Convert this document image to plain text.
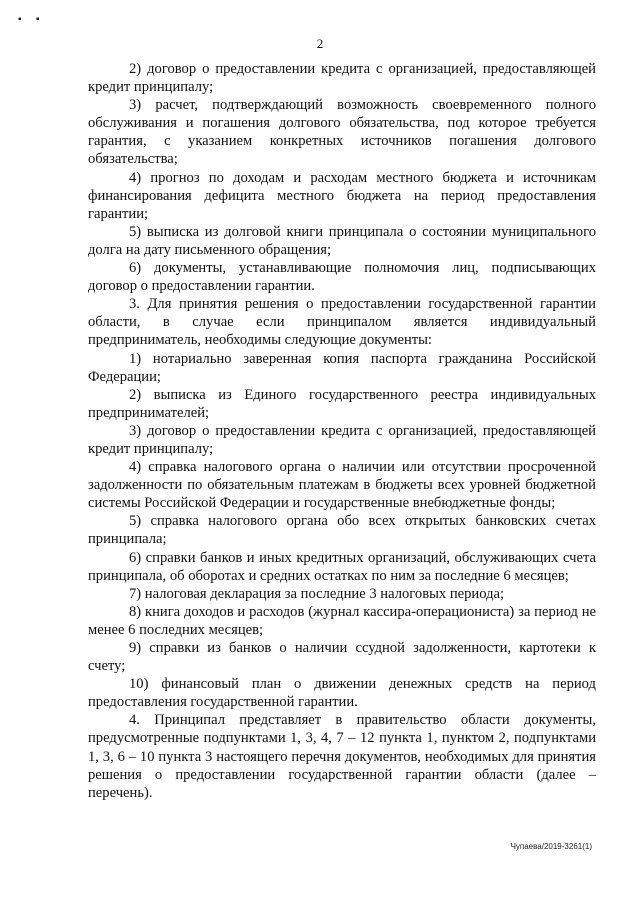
▪ ▪
2

2) договор о предоставлении кредита с организацией, предоставляющей кредит принципалу;

3) расчет, подтверждающий возможность своевременного полного обслуживания и погашения долгового обязательства, под которое требуется гарантия, с указанием конкретных источников погашения долгового обязательства;

4) прогноз по доходам и расходам местного бюджета и источникам финансирования дефицита местного бюджета на период предоставления гарантии;

5) выписка из долговой книги принципала о состоянии муниципального долга на дату письменного обращения;

6) документы, устанавливающие полномочия лиц, подписывающих договор о предоставлении гарантии.

3. Для принятия решения о предоставлении государственной гарантии области, в случае если принципалом является индивидуальный предприниматель, необходимы следующие документы:

1) нотариально заверенная копия паспорта гражданина Российской Федерации;

2) выписка из Единого государственного реестра индивидуальных предпринимателей;

3) договор о предоставлении кредита с организацией, предоставляющей кредит принципалу;

4) справка налогового органа о наличии или отсутствии просроченной задолженности по обязательным платежам в бюджеты всех уровней бюджетной системы Российской Федерации и государственные внебюджетные фонды;

5) справка налогового органа обо всех открытых банковских счетах принципала;

6) справки банков и иных кредитных организаций, обслуживающих счета принципала, об оборотах и средних остатках по ним за последние 6 месяцев;

7) налоговая декларация за последние 3 налоговых периода;

8) книга доходов и расходов (журнал кассира-операциониста) за период не менее 6 последних месяцев;

9) справки из банков о наличии ссудной задолженности, картотеки к счету;

10) финансовый план о движении денежных средств на период предоставления государственной гарантии.

4. Принципал представляет в правительство области документы, предусмотренные подпунктами 1, 3, 4, 7 – 12 пункта 1, пунктом 2, подпунктами 1, 3, 6 – 10 пункта 3 настоящего перечня документов, необходимых для принятия решения о предоставлении государственной гарантии области (далее – перечень).

Чупаева/2019-3261(1)
